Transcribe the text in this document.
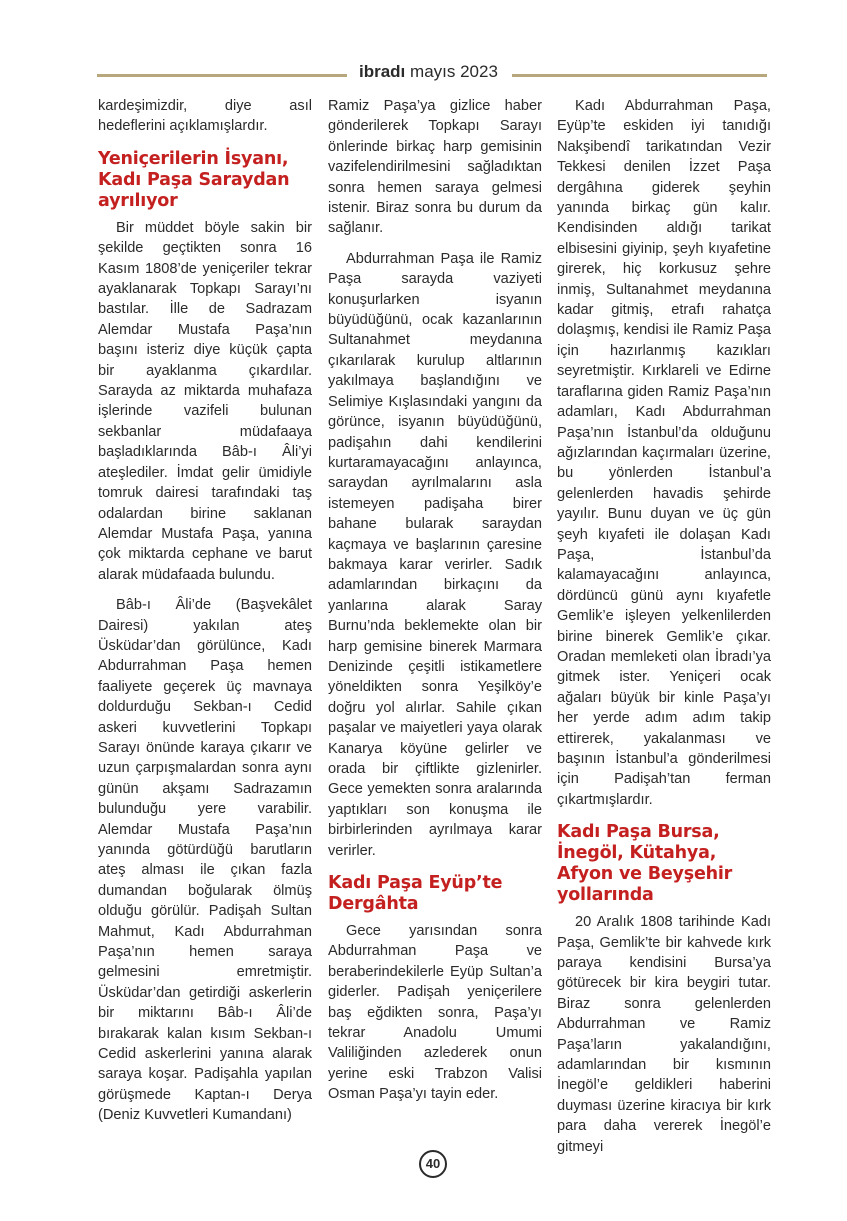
ibradı mayıs 2023

kardeşimizdir, diye asıl hedeflerini açıklamışlardır.

Yeniçerilerin İsyanı, Kadı Paşa Saraydan ayrılıyor

Bir müddet böyle sakin bir şekilde geçtikten sonra 16 Kasım 1808’de yeniçeriler tekrar ayaklanarak Topkapı Sarayı’nı bastılar. İlle de Sadrazam Alemdar Mustafa Paşa’nın başını isteriz diye küçük çapta bir ayaklanma çıkardılar. Sarayda az miktarda muhafaza işlerinde vazifeli bulunan sekbanlar müdafaaya başladıklarında Bâb-ı Âli’yi ateşlediler. İmdat gelir ümidiyle tomruk dairesi tarafındaki taş odalardan birine saklanan Alemdar Mustafa Paşa, yanına çok miktarda cephane ve barut alarak müdafaada bulundu.

Bâb-ı Âli’de (Başvekâlet Dairesi) yakılan ateş Üsküdar’dan görülünce, Kadı Abdurrahman Paşa hemen faaliyete geçerek üç mavnaya doldurduğu Sekban-ı Cedid askeri kuvvetlerini Topkapı Sarayı önünde karaya çıkarır ve uzun çarpışmalardan sonra aynı günün akşamı Sadrazamın bulunduğu yere varabilir. Alemdar Mustafa Paşa’nın yanında götürdüğü barutların ateş alması ile çıkan fazla dumandan boğularak ölmüş olduğu görülür. Padişah Sultan Mahmut, Kadı Abdurrahman Paşa’nın hemen saraya gelmesini emretmiştir. Üsküdar’dan getirdiği askerlerin bir miktarını Bâb-ı Âli’de bırakarak kalan kısım Sekban-ı Cedid askerlerini yanına alarak saraya koşar. Padişahla yapılan görüşmede Kaptan-ı Derya (Deniz Kuvvetleri Kumandanı)

Ramiz Paşa’ya gizlice haber gönderilerek Topkapı Sarayı önlerinde birkaç harp gemisinin vazifelendirilmesini sağladıktan sonra hemen saraya gelmesi istenir. Biraz sonra bu durum da sağlanır.

Abdurrahman Paşa ile Ramiz Paşa sarayda vaziyeti konuşurlarken isyanın büyüdüğünü, ocak kazanlarının Sultanahmet meydanına çıkarılarak kurulup altlarının yakılmaya başlandığını ve Selimiye Kışlasındaki yangını da görünce, isyanın büyüdüğünü, padişahın dahi kendilerini kurtaramayacağını anlayınca, saraydan ayrılmalarını asla istemeyen padişaha birer bahane bularak saraydan kaçmaya ve başlarının çaresine bakmaya karar verirler. Sadık adamlarından birkaçını da yanlarına alarak Saray Burnu’nda beklemekte olan bir harp gemisine binerek Marmara Denizinde çeşitli istikametlere yöneldikten sonra Yeşilköy’e doğru yol alırlar. Sahile çıkan paşalar ve maiyetleri yaya olarak Kanarya köyüne gelirler ve orada bir çiftlikte gizlenirler. Gece yemekten sonra aralarında yaptıkları son konuşma ile birbirlerinden ayrılmaya karar verirler.

Kadı Paşa Eyüp’te Dergâhta

Gece yarısından sonra Abdurrahman Paşa ve beraberindekilerle Eyüp Sultan’a giderler. Padişah yeniçerilere baş eğdikten sonra, Paşa’yı tekrar Anadolu Umumi Valiliğinden azlederek onun yerine eski Trabzon Valisi Osman Paşa’yı tayin eder.

Kadı Abdurrahman Paşa, Eyüp’te eskiden iyi tanıdığı Nakşibendî tarikatından Vezir Tekkesi denilen İzzet Paşa dergâhına giderek şeyhin yanında birkaç gün kalır. Kendisinden aldığı tarikat elbisesini giyinip, şeyh kıyafetine girerek, hiç korkusuz şehre inmiş, Sultanahmet meydanına kadar gitmiş, etrafı rahatça dolaşmış, kendisi ile Ramiz Paşa için hazırlanmış kazıkları seyretmiştir. Kırklareli ve Edirne taraflarına giden Ramiz Paşa’nın adamları, Kadı Abdurrahman Paşa’nın İstanbul’da olduğunu ağızlarından kaçırmaları üzerine, bu yönlerden İstanbul’a gelenlerden havadis şehirde yayılır. Bunu duyan ve üç gün şeyh kıyafeti ile dolaşan Kadı Paşa, İstanbul’da kalamayacağını anlayınca, dördüncü günü aynı kıyafetle Gemlik’e işleyen yelkenlilerden birine binerek Gemlik’e çıkar. Oradan memleketi olan İbradı’ya gitmek ister. Yeniçeri ocak ağaları büyük bir kinle Paşa’yı her yerde adım adım takip ettirerek, yakalanması ve başının İstanbul’a gönderilmesi için Padişah’tan ferman çıkartmışlardır.

Kadı Paşa Bursa, İnegöl, Kütahya, Afyon ve Beyşehir yollarında

20 Aralık 1808 tarihinde Kadı Paşa, Gemlik’te bir kahvede kırk paraya kendisini Bursa’ya götürecek bir kira beygiri tutar. Biraz sonra gelenlerden Abdurrahman ve Ramiz Paşa’ların yakalandığını, adamlarından bir kısmının İnegöl’e geldikleri haberini duyması üzerine kiracıya bir kırk para daha vererek İnegöl’e gitmeyi

40
